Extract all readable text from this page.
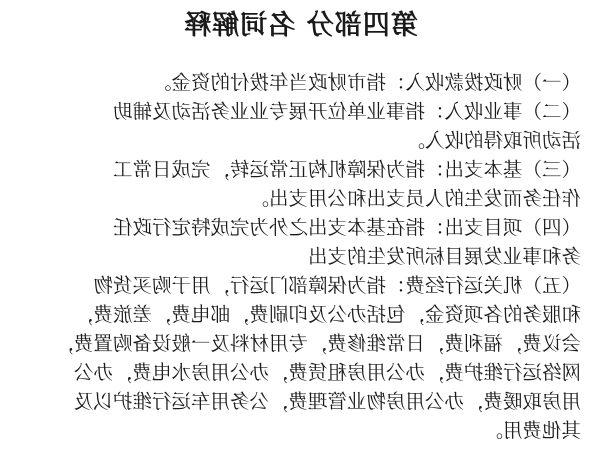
第四部分 名词解释
（一）财政拨款收入：指市财政当年拨付的资金。
（二）事业收入：指事业单位开展专业业务活动及辅助
活动所取得的收入。
（三）基本支出：指为保障机构正常运转，完成日常工
作任务而发生的人员支出和公用支出。
（四）项目支出：指在基本支出之外为完成特定行政任
务和事业发展目标所发生的支出
（五）机关运行经费：指为保障部门运行，用于购买货物
和服务的各项资金，包括办公及印刷费，邮电费，差旅费，
会议费，福利费，日常维修费，专用材料及一般设备购置费，
网络运行维护费，办公用房租赁费，办公用房水电费，办公
用房取暖费，办公用房物业管理费，公务用车运行维护以及
其他费用。
